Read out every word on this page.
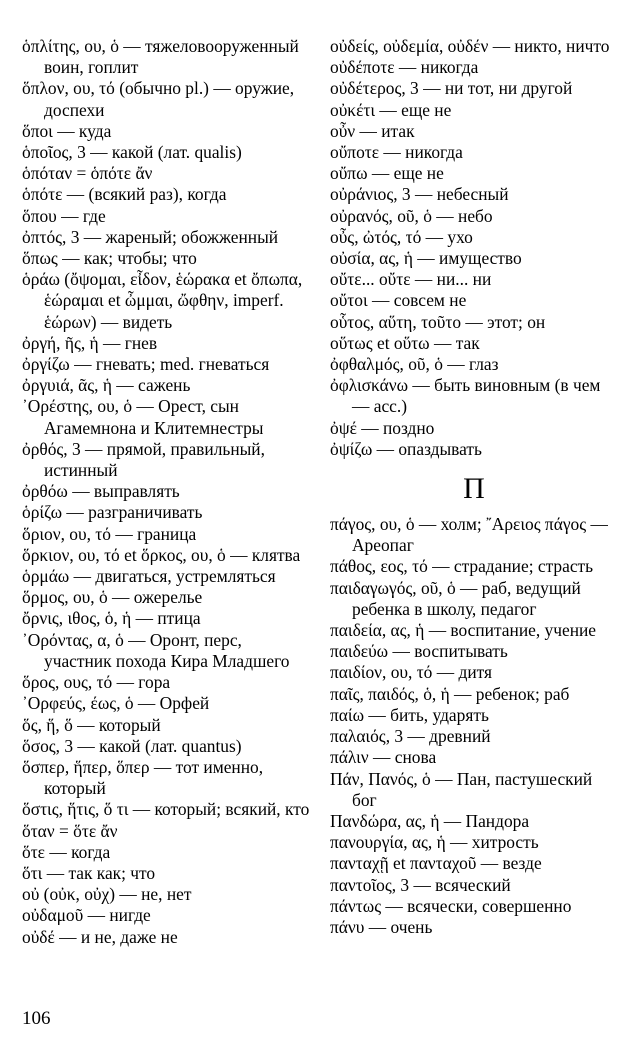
ὁπλίτης, ου, ὁ — тяжеловооруженный воин, гоплит
ὅπλον, ου, τό (обычно pl.) — оружие, доспехи
ὅποι — куда
ὁποῖος, 3 — какой (лат. qualis)
ὁπόταν = ὁπότε ἄν
ὁπότε — (всякий раз), когда
ὅπου — где
ὀπτός, 3 — жареный; обожженный
ὅπως — как; чтобы; что
ὁράω (ὄψομαι, εἶδον, ἑώρακα et ὄπωπα, ἑώραμαι et ὦμμαι, ὤφθην, imperf. ἑώρων) — видеть
ὀργή, ῆς, ἡ — гнев
ὀργίζω — гневать; med. гневаться
ὀργυιά, ᾶς, ἡ — сажень
᾽Ορέστης, ου, ὁ — Орест, сын Агамемнона и Клитемнестры
ὀρθός, 3 — прямой, правильный, истинный
ὀρθόω — выправлять
ὁρίζω — разграничивать
ὅριον, ου, τό — граница
ὅρκιον, ου, τό et ὅρκος, ου, ὁ — клятва
ὁρμάω — двигаться, устремляться
ὅρμος, ου, ὁ — ожерелье
ὄρνις, ιθος, ὁ, ἡ — птица
᾽Ορόντας, α, ὁ — Оронт, перс, участник похода Кира Младшего
ὅρος, ους, τό — гора
᾽Ορφεύς, έως, ὁ — Орфей
ὅς, ἥ, ὅ — который
ὅσος, 3 — какой (лат. quantus)
ὅσπερ, ἥπερ, ὅπερ — тот именно, который
ὅστις, ἥτις, ὅ τι — который; всякий, кто
ὅταν = ὅτε ἄν
ὅτε — когда
ὅτι — так как; что
οὐ (οὐκ, οὐχ) — не, нет
οὐδαμοῦ — нигде
οὐδέ — и не, даже не
οὐδείς, οὐδεμία, οὐδέν — никто, ничто
οὐδέποτε — никогда
οὐδέτερος, 3 — ни тот, ни другой
οὐκέτι — еще не
οὖν — итак
οὔποτε — никогда
οὔπω — еще не
οὐράνιος, 3 — небесный
οὐρανός, οῦ, ὁ — небо
οὖς, ὠτός, τό — ухо
οὐσία, ας, ἡ — имущество
οὔτε... οὔτε — ни... ни
οὔτοι — совсем не
οὗτος, αὕτη, τοῦτο — этот; он
οὕτως et οὕτω — так
ὀφθαλμός, οῦ, ὁ — глаз
ὀφλισκάνω — быть виновным (в чем — acc.)
ὀψέ — поздно
ὀψίζω — опаздывать
Π
πάγος, ου, ὁ — холм; ῎Αρειος πάγος — Ареопаг
πάθος, εος, τό — страдание; страсть
παιδαγωγός, οῦ, ὁ — раб, ведущий ребенка в школу, педагог
παιδεία, ας, ἡ — воспитание, учение
παιδεύω — воспитывать
παιδίον, ου, τό — дитя
παῖς, παιδός, ὁ, ἡ — ребенок; раб
παίω — бить, ударять
παλαιός, 3 — древний
πάλιν — снова
Πάν, Πανός, ὁ — Пан, пастушеский бог
Πανδώρα, ας, ἡ — Пандора
πανουργία, ας, ἡ — хитрость
πανταχῇ et πανταχοῦ — везде
παντοῖος, 3 — всяческий
πάντως — всячески, совершенно
πάνυ — очень
106
